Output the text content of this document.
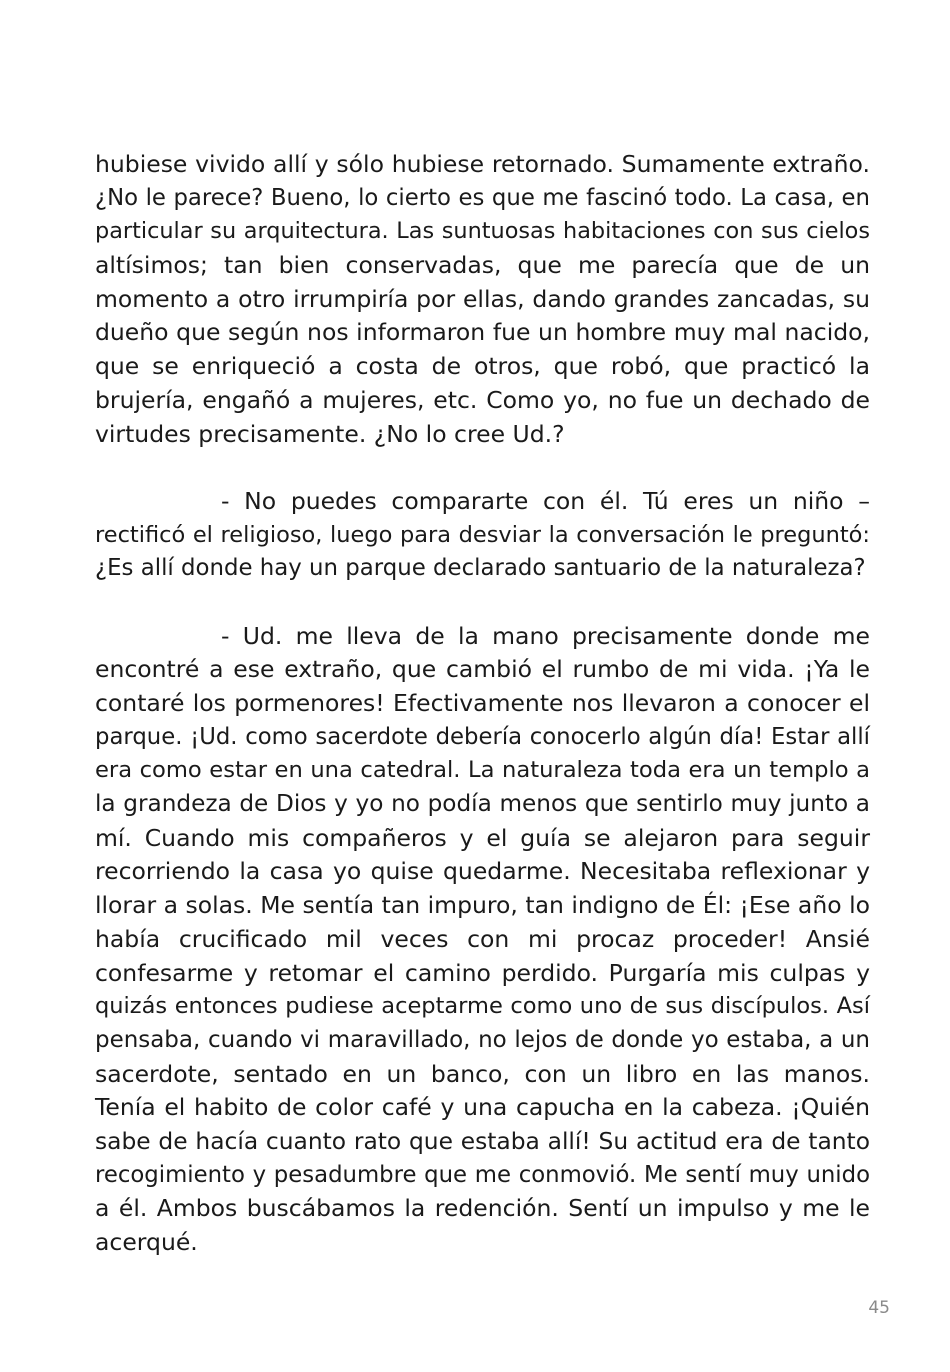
hubiese vivido allí y sólo hubiese retornado. Sumamente extraño.
¿No le parece? Bueno, lo cierto es que me fascinó todo. La casa, en
particular su arquitectura. Las suntuosas habitaciones con sus cielos
altísimos; tan bien conservadas, que me parecía que de un
momento a otro irrumpiría por ellas, dando grandes zancadas, su
dueño que según nos informaron fue un hombre muy mal nacido,
que se enriqueció a costa de otros, que robó, que practicó la
brujería, engañó a mujeres, etc. Como yo, no fue un dechado de
virtudes precisamente. ¿No lo cree Ud.?
- No puedes compararte con él. Tú eres un niño –
rectificó el religioso, luego para desviar la conversación le preguntó:
¿Es allí donde hay un parque declarado santuario de la naturaleza?
- Ud. me lleva de la mano precisamente donde me
encontré a ese extraño, que cambió el rumbo de mi vida. ¡Ya le
contaré los pormenores! Efectivamente nos llevaron a conocer el
parque. ¡Ud. como sacerdote debería conocerlo algún día! Estar allí
era como estar en una catedral. La naturaleza toda era un templo a
la grandeza de Dios y yo no podía menos que sentirlo muy junto a
mí. Cuando mis compañeros y el guía se alejaron para seguir
recorriendo la casa yo quise quedarme. Necesitaba reflexionar y
llorar a solas. Me sentía tan impuro, tan indigno de Él: ¡Ese año lo
había crucificado mil veces con mi procaz proceder! Ansié
confesarme y retomar el camino perdido. Purgaría mis culpas y
quizás entonces pudiese aceptarme como uno de sus discípulos. Así
pensaba, cuando vi maravillado, no lejos de donde yo estaba, a un
sacerdote, sentado en un banco, con un libro en las manos.
Tenía el habito de color café y una capucha en la cabeza. ¡Quién
sabe de hacía cuanto rato que estaba allí! Su actitud era de tanto
recogimiento y pesadumbre que me conmovió. Me sentí muy unido
a él. Ambos buscábamos la redención. Sentí un impulso y me le
acerqué.
45
